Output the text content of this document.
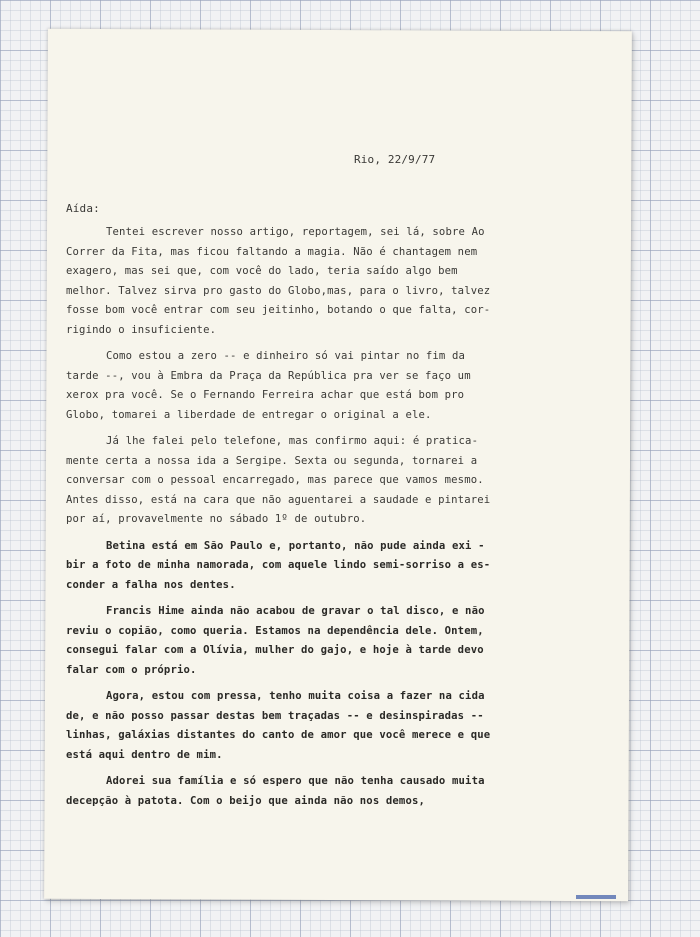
Rio, 22/9/77
Aída:

Tentei escrever nosso artigo, reportagem, sei lá, sobre Ao
Correr da Fita, mas ficou faltando a magia. Não é chantagem nem
exagero, mas sei que, com você do lado, teria saído algo bem
melhor. Talvez sirva pro gasto do Globo,mas, para o livro, talvez
fosse bom você entrar com seu jeitinho, botando o que falta, cor-
rigindo o insuficiente.

Como estou a zero -- e dinheiro só vai pintar no fim da
tarde --, vou à Embra da Praça da República pra ver se faço um
xerox pra você. Se o Fernando Ferreira achar que está bom pro
Globo, tomarei a liberdade de entregar o original a ele.

Já lhe falei pelo telefone, mas confirmo aqui: é pratica-
mente certa a nossa ida a Sergipe. Sexta ou segunda, tornarei a
conversar com o pessoal encarregado, mas parece que vamos mesmo.
Antes disso, está na cara que não aguentarei a saudade e pintarei
por aí, provavelmente no sábado 1º de outubro.

Betina está em São Paulo e, portanto, não pude ainda exi -
bir a foto de minha namorada, com aquele lindo semi-sorriso a es-
conder a falha nos dentes.

Francis Hime ainda não acabou de gravar o tal disco, e não
reviu o copião, como queria. Estamos na dependência dele. Ontem,
consegui falar com a Olívia, mulher do gajo, e hoje à tarde devo
falar com o próprio.

Agora, estou com pressa, tenho muita coisa a fazer na cida
de, e não posso passar destas bem traçadas -- e desinspiradas --
linhas, galáxias distantes do canto de amor que você merece e que
está aqui dentro de mim.

Adorei sua família e só espero que não tenha causado muita
decepção à patota. Com o beijo que ainda não nos demos,
